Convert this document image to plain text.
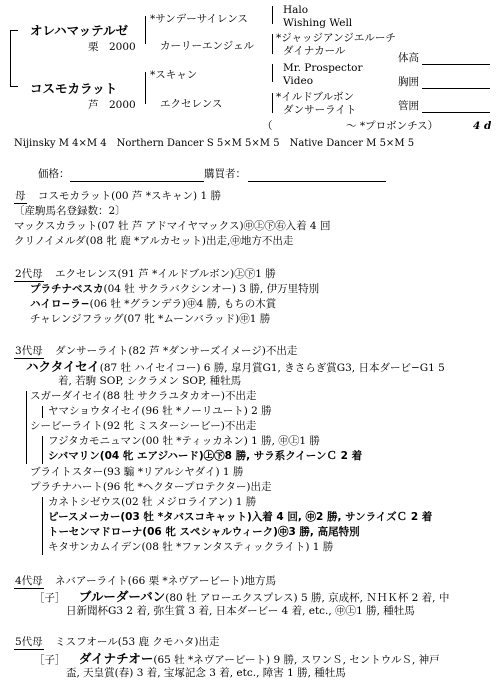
オレハマッテルゼ
栗　2000
*サンデーサイレンス
Halo
Wishing Well
カーリーエンジェル
*ジャッジアンジエルーチ
ダイナカール
コスモカラット
芦　2000
*スキャン
Mr. Prospector
Video
エクセレンス
*イルドブルボン
ダンサーライト
体高
胸囲
管囲
（　　　　　　　～ *プロボンチス）	4 d
Nijinsky M 4×M 4　Northern Dancer S 5×M 5×M 5　Native Dancer M 5×M 5
価格：	購買者：
母 コスモカラット(00 芦 *スキャン) 1 勝
〔産駒馬名登録数：2〕
マックスカラット(07 牡 芦 アドマイヤマックス)㊥㊤㊦㊨入着 4 回
クリノイメルダ(08 牝 鹿 *アルカセット)出走,㊥地方不出走
2代母 エクセレンス(91 芦 *イルドブルボン)㊤㊦1 勝
プラチナベスカ(04 牡 サクラバクシンオー) 3 勝, 伊万里特別
ハイロ−ラ−(06 牡 *グランデラ)㊥4 勝, もちの木賞
チャレンジフラッグ(07 牝 *ムーンバラッド)㊥1 勝
3代母 ダンサーライト(82 芦 *ダンサーズイメージ)不出走
ハクタイセイ(87 牡 ハイセイコー) 6 勝, 皐月賞G1, きさらぎ賞G3, 日本ダービ−G1 5
着, 若駒 SOP, シクラメン SOP, 種牡馬
スガーダイセイ(88 牡 サクラユタカオー)不出走
ヤマショウタイセイ(96 牡 *ノーリユート) 2 勝
シービーライト(92 牝 ミスターシービー)不出走
フジタカモニュマン(00 牡 *ティッカネン) 1 勝, ㊥㊤1 勝
シバマリン(04 牝 エアジハード)㊤㊦8 勝, サラ系クイーンＣ 2 着
ブライトスター(93 騸 *リアルシヤダイ) 1 勝
プラチナハート(96 牝 *ヘクタープロテクター)出走
カネトシゼウス(02 牡 メジロライアン) 1 勝
ピースメーカー(03 牡 *タバスコキャット)入着 4 回, ㊥2 勝, サンライズＣ 2 着
トーセンマドローナ(06 牝 スペシャルウィーク)㊥3 勝, 高尾特別
キタサンカムイデン(08 牡 *ファンタスティックライト) 1 勝
4代母 ネバアーライト(66 栗 *ネヴアービート)地方馬
［子］ ブルーダーバン(80 牡 アローエクスプレス) 5 勝, 京成杯, ＮＨＫ杯 2 着, 中
日新聞杯G3 2 着, 弥生賞 3 着, 日本ダービー 4 着, etc., ㊥㊤1 勝, 種牡馬
5代母 ミスフオール(53 鹿 クモハタ)出走
［子］ ダイナチオー(65 牡 *ネヴアービート) 9 勝, スワンＳ, セントウルＳ, 神戸
盃, 天皇賞(春) 3 着, 宝塚記念 3 着, etc., 障害 1 勝, 種牡馬
